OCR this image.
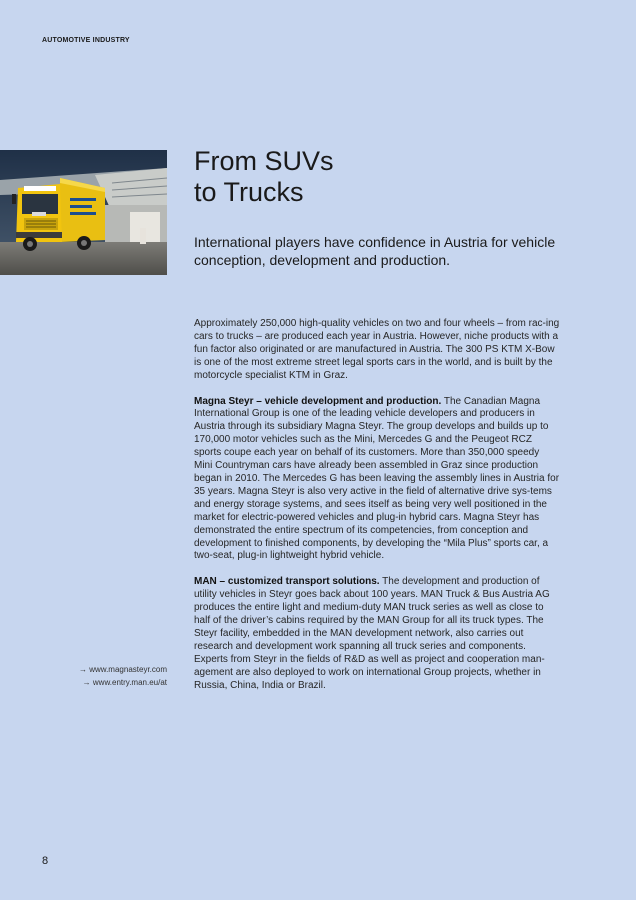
AUTOMOTIVE INDUSTRY
From SUVs
to Trucks

International players have confidence in Austria for vehicle conception, development and production.

Approximately 250,000 high-quality vehicles on two and four wheels – from rac-ing cars to trucks – are produced each year in Austria. However, niche products with a fun factor also originated or are manufactured in Austria. The 300 PS KTM X-Bow is one of the most extreme street legal sports cars in the world, and is built by the motorcycle specialist KTM in Graz.

Magna Steyr – vehicle development and production. The Canadian Magna International Group is one of the leading vehicle developers and producers in Austria through its subsidiary Magna Steyr. The group develops and builds up to 170,000 motor vehicles such as the Mini, Mercedes G and the Peugeot RCZ sports coupe each year on behalf of its customers. More than 350,000 speedy Mini Countryman cars have already been assembled in Graz since production began in 2010. The Mercedes G has been leaving the assembly lines in Austria for 35 years. Magna Steyr is also very active in the field of alternative drive sys-tems and energy storage systems, and sees itself as being very well positioned in the market for electric-powered vehicles and plug-in hybrid cars. Magna Steyr has demonstrated the entire spectrum of its competencies, from conception and development to finished components, by developing the “Mila Plus” sports car, a two-seat, plug-in lightweight hybrid vehicle.

MAN – customized transport solutions. The development and production of utility vehicles in Steyr goes back about 100 years. MAN Truck & Bus Austria AG produces the entire light and medium-duty MAN truck series as well as close to half of the driver’s cabins required by the MAN Group for all its truck types. The Steyr facility, embedded in the MAN development network, also carries out research and development work spanning all truck series and components. Experts from Steyr in the fields of R&D as well as project and cooperation man-agement are also deployed to work on international Group projects, whether in Russia, China, India or Brazil.

→ www.magnasteyr.com
→ www.entry.man.eu/at
8
